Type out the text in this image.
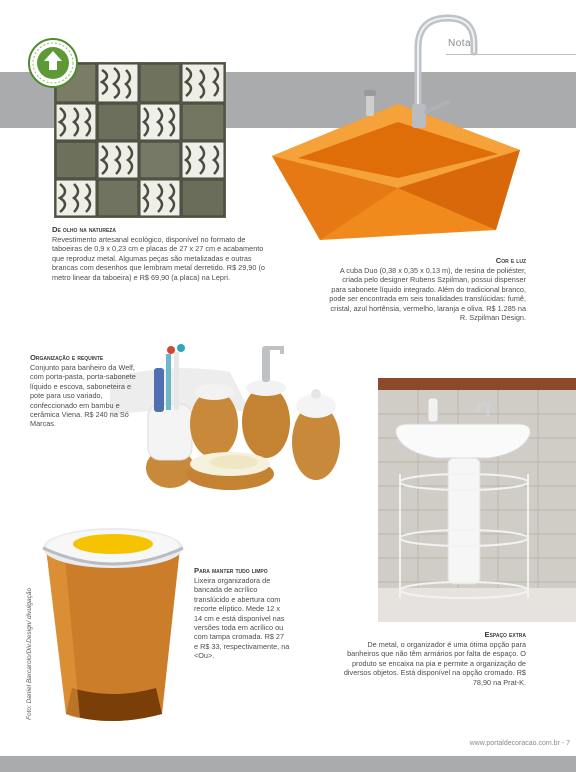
Notas
Foto: Daniel Barcarolo/Div.Design/ divulgação
De olho na natureza
Revestimento artesanal ecológico, disponível no formato de taboeiras de 0,9 x 0,23 cm e placas de 27 x 27 cm e acabamento que reproduz metal. Algumas peças são metalizadas e outras brancas com desenhos que lembram metal derretido. R$ 29,90 (o metro linear da taboeira) e R$ 69,90 (a placa) na Lepri.
Cor e luz
A cuba Duo (0,38 x 0,35 x 0,13 m), de resina de poliéster, criada pelo designer Rubens Szpilman, possui dispenser para sabonete líquido integrado. Além do tradicional branco, pode ser encontrada em seis tonalidades translúcidas: fumê, cristal, azul hortênsia, vermelho, laranja e oliva. R$ 1.285 na R. Szpilman Design.
Organização e requinte
Conjunto para banheiro da Welf, com porta-pasta, porta-sabonete líquido e escova, saboneteira e pote para uso variado, confeccionado em bambu e cerâmica Viena. R$ 240 na Só Marcas.
Para manter tudo limpo
Lixeira organizadora de bancada de acrílico translúcido e abertura com recorte elíptico. Mede 12 x 14 cm e está disponível nas versões toda em acrílico ou com tampa cromada. R$ 27 e R$ 33, respectivamente, na <Ou>.
Espaço extra
De metal, o organizador é uma ótima opção para banheiros que não têm armários por falta de espaço. O produto se encaixa na pia e permite a organização de diversos objetos. Está disponível na opção cromado. R$ 78,90 na Prat-K.
www.portaldecoracao.com.br - 7
